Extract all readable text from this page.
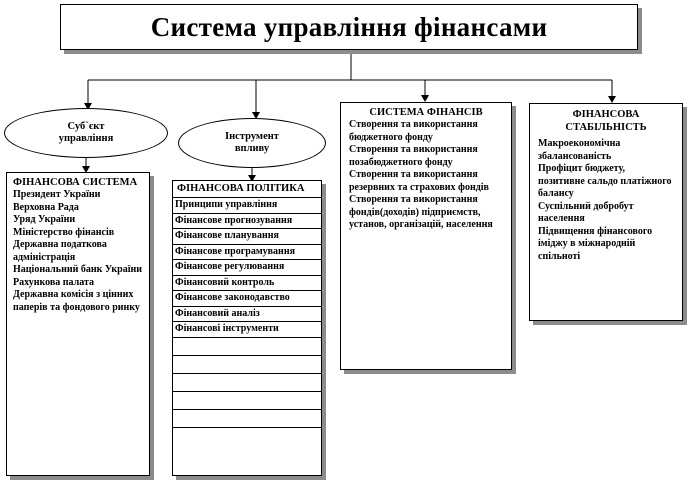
Система управління фінансами
Суб`єкт управління	Інструмент впливу
ФІНАНСОВА СИСТЕМА
Президент України
Верховна Рада
Уряд України
Міністерство фінансів
Державна податкова адміністрація
Національний банк України
Рахункова палата
Державна комісія з цінних паперів та фондового ринку
ФІНАНСОВА ПОЛІТИКА
Принципи управління
Фінансове прогнозування
Фінансове планування
Фінансове програмування
Фінансове регулювання
Фінансовий контроль
Фінансове законодавство
Фінансовий аналіз
Фінансові інструменти
СИСТЕМА ФІНАНСІВ
Створення та використання бюджетного фонду
Створення та використання позабюджетного фонду
Створення та використання резервних та страхових фондів
Створення та використання фондів(доходів) підприємств, установ, організацій, населення
ФІНАНСОВА СТАБІЛЬНІСТЬ
Макроекономічна збалансованість
Профіцит бюджету, позитивне сальдо платіжного балансу
Суспільний добробут населення
Підвищення фінансового іміджу в міжнародній спільноті
